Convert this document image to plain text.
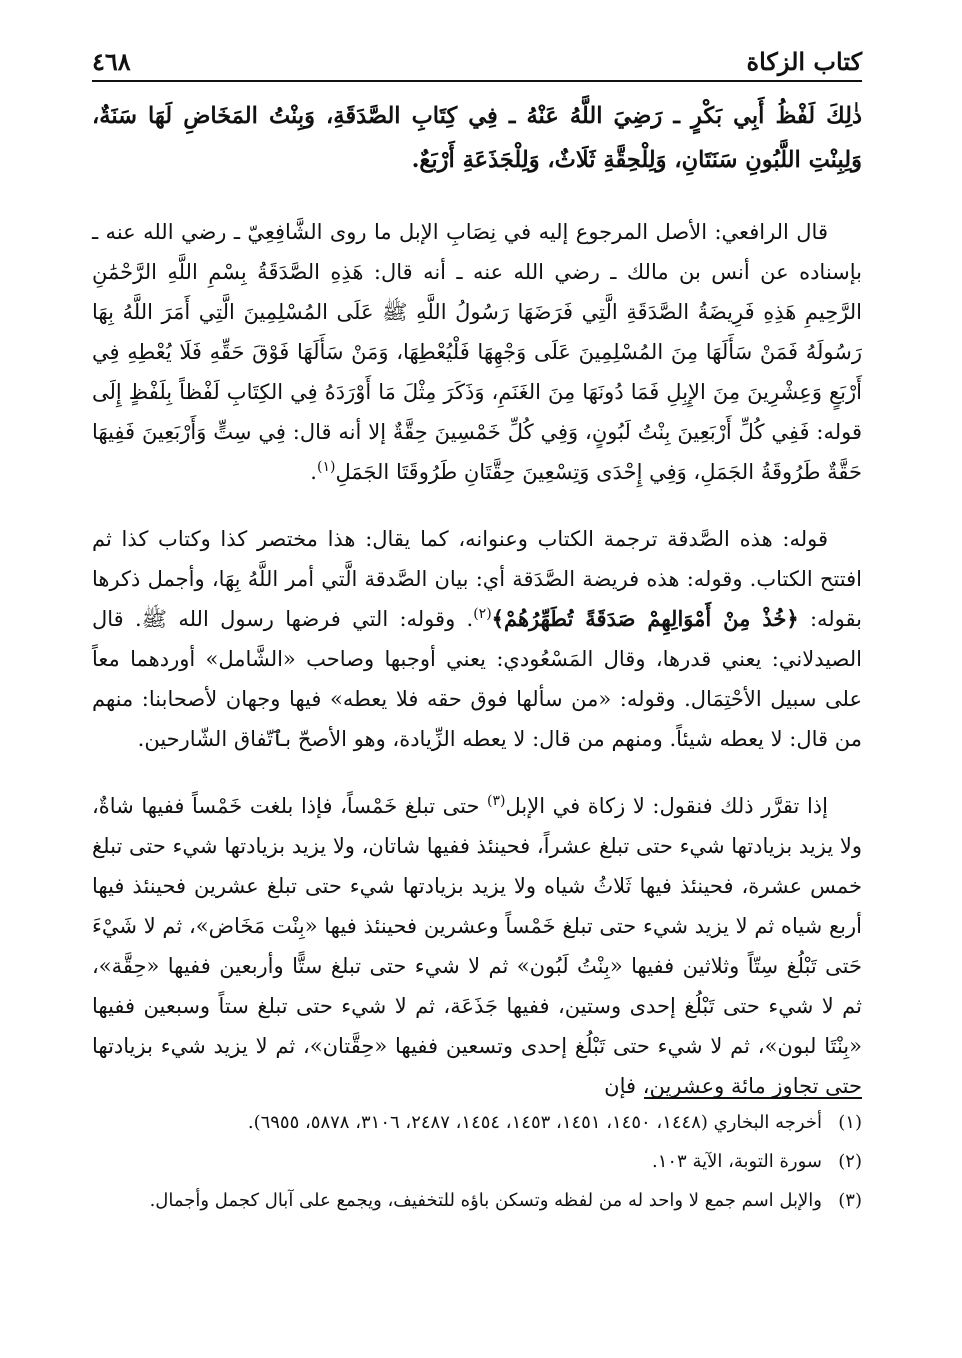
كتاب الزكاة
٤٦٨

ذٰلِكَ لَفْظُ أَبِي بَكْرٍ ـ رَضِيَ اللَّهُ عَنْهُ ـ فِي كِتَابِ الصَّدَقَةِ، وَبِنْتُ المَخَاضِ لَهَا سَنَةٌ، وَلِبِنْتِ اللَّبُونِ سَنَتَانِ، وَلِلْحِقَّةِ ثَلَاثٌ، وَلِلْجَذَعَةِ أَرْبَعٌ.

قال الرافعي: الأصل المرجوع إليه في نِصَابِ الإبل ما روى الشَّافِعِيّ ـ رضي الله عنه ـ بإسناده عن أنس بن مالك ـ رضي الله عنه ـ أنه قال: هَذِهِ الصَّدَقَةُ بِسْمِ اللَّهِ الرَّحْمَٰنِ الرَّحِيمِ هَذِهِ فَرِيضَةُ الصَّدَقَةِ الَّتِي فَرَضَهَا رَسُولُ اللَّهِ ﷺ عَلَى المُسْلِمِينَ الَّتِي أَمَرَ اللَّهُ بِهَا رَسُولَهُ فَمَنْ سَأَلَهَا مِنَ المُسْلِمِينَ عَلَى وَجْهِهَا فَلْيُعْطِهَا، وَمَنْ سَأَلَهَا فَوْقَ حَقِّهِ فَلَا يُعْطِهِ فِي أَرْبَعٍ وَعِشْرِينَ مِنَ الإِبِلِ فَمَا دُونَهَا مِنَ الغَنَمِ، وَذَكَرَ مِثْلَ مَا أَوْرَدَهُ فِي الكِتَابِ لَفْظاً بِلَفْظٍ إِلَى قوله: فَفِي كُلِّ أَرْبَعِينَ بِنْتُ لَبُونٍ، وَفِي كُلِّ خَمْسِينَ حِقَّةٌ إلا أنه قال: فِي سِتٍّ وَأَرْبَعِينَ فَفِيهَا حَقَّةٌ طَرُوقَةُ الجَمَلِ، وَفِي إِحْدَى وَتِسْعِينَ حِقَّتَانِ طَرُوقَتَا الجَمَلِ$^{(١)}$.

قوله: هذه الصَّدقة ترجمة الكتاب وعنوانه، كما يقال: هذا مختصر كذا وكتاب كذا ثم افتتح الكتاب. وقوله: هذه فريضة الصَّدَقة أي: بيان الصَّدقة الَّتي أمر اللَّهُ بِهَا، وأجمل ذكرها بقوله: ﴿خُذْ مِنْ أَمْوَالِهِمْ صَدَقَةً تُطَهِّرُهُمْ﴾$^{(٢)}$. وقوله: التي فرضها رسول الله ﷺ. قال الصيدلاني: يعني قدرها، وقال المَسْعُودي: يعني أوجبها وصاحب «الشَّامل» أوردهما معاً على سبيل الأحْتِمَال. وقوله: «من سألها فوق حقه فلا يعطه» فيها وجهان لأصحابنا: منهم من قال: لا يعطه شيئاً. ومنهم من قال: لا يعطه الزِّيادة، وهو الأصحّ بٱتّفاق الشّارحين.

إذا تقرَّر ذلك فنقول: لا زكاة في الإبل$^{(٣)}$ حتى تبلغ خَمْساً، فإذا بلغت خَمْساً ففيها شاةٌ، ولا يزيد بزيادتها شيء حتى تبلغ عشراً، فحينئذ ففيها شاتان، ولا يزيد بزيادتها شيء حتى تبلغ خمس عشرة، فحينئذ فيها ثَلاثُ شياه ولا يزيد بزيادتها شيء حتى تبلغ عشرين فحينئذ فيها أربع شياه ثم لا يزيد شيء حتى تبلغ خَمْساً وعشرين فحينئذ فيها «بِنْت مَخَاض»، ثم لا شَيْءَ حَتى تَبْلُغ سِتّاً وثلاثين ففيها «بِنْتُ لَبُون» ثم لا شيء حتى تبلغ ستًّا وأربعين ففيها «حِقَّة»، ثم لا شيء حتى تَبْلُغ إحدى وستين، ففيها جَذَعَة، ثم لا شيء حتى تبلغ ستاً وسبعين ففيها «بِنْتَا لبون»، ثم لا شيء حتى تَبْلُغ إحدى وتسعين ففيها «حِقَّتان»، ثم لا يزيد شيء بزيادتها حتى تجاوز مائة وعشرين، فإن

(١)
أخرجه البخاري (١٤٤٨، ١٤٥٠، ١٤٥١، ١٤٥٣، ١٤٥٤، ٢٤٨٧، ٣١٠٦، ٥٨٧٨، ٦٩٥٥).
(٢)
سورة التوبة، الآية ١٠٣.
(٣)
والإبل اسم جمع لا واحد له من لفظه وتسكن باؤه للتخفيف، ويجمع على آبال كجمل وأجمال.
